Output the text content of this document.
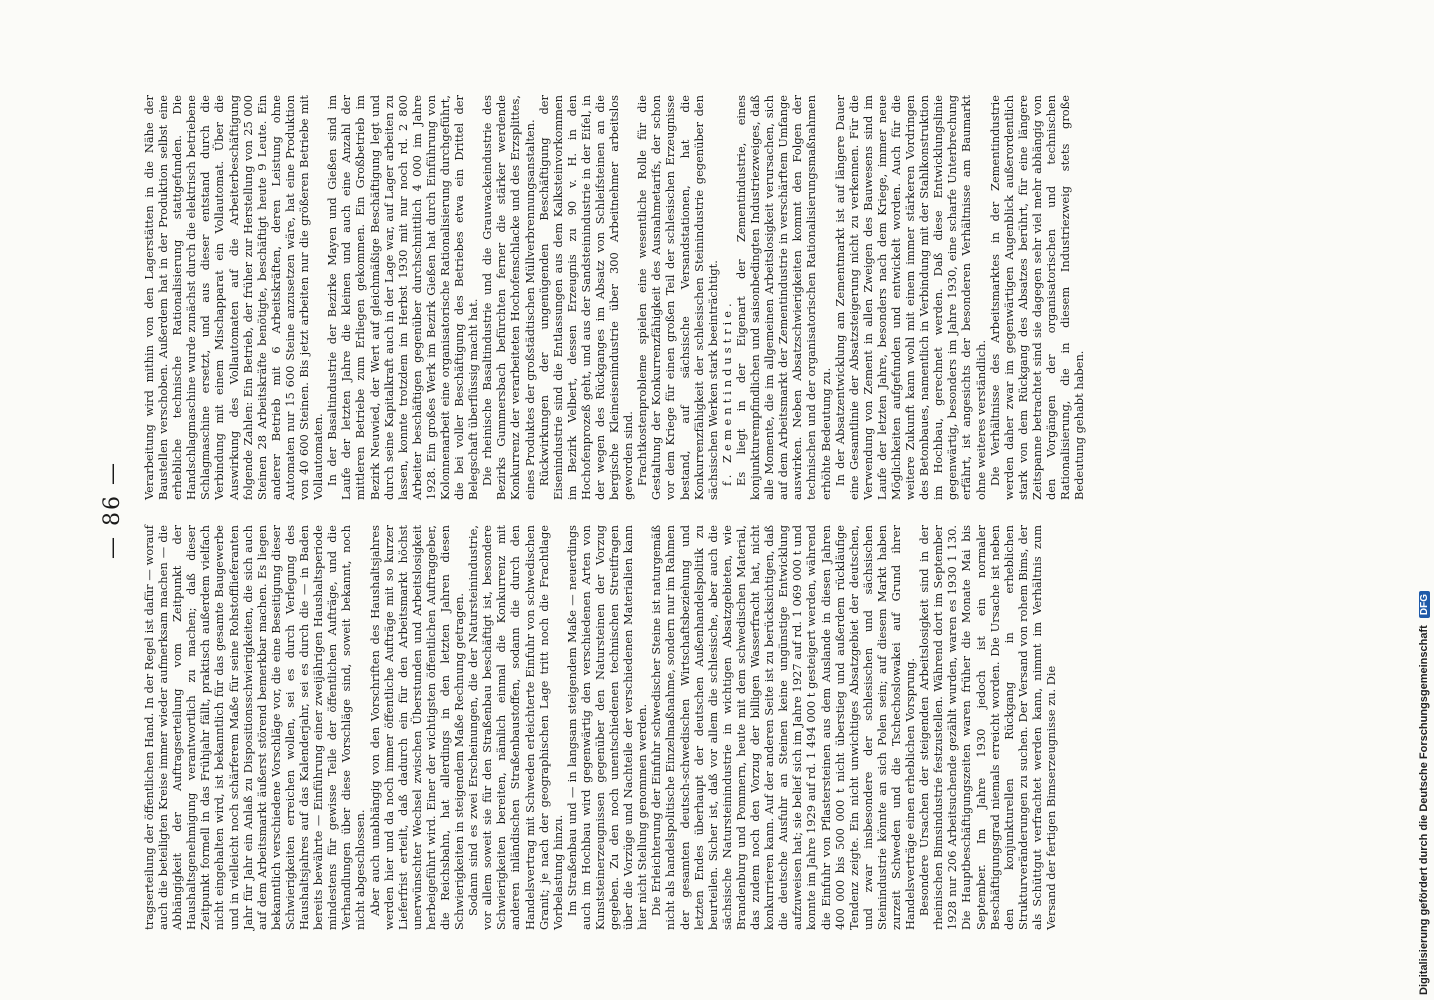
— 86 —

tragserteilung der öffentlichen Hand. In der Regel ist dafür — worauf auch die beteiligten Kreise immer wieder aufmerksam machen — die Abhängigkeit der Auftragserteilung vom Zeitpunkt der Haushaltsgenehmigung verantwortlich zu machen; daß dieser Zeitpunkt formell in das Frühjahr fällt, praktisch außerdem vielfach nicht eingehalten wird, ist bekanntlich für das gesamte Baugewerbe und in vielleicht noch schärferem Maße für seine Rohstofflieferanten Jahr für Jahr ein Anlaß zu Dispositionsschwierigkeiten, die sich auch auf dem Arbeitsmarkt äußerst störend bemerkbar machen. Es liegen bekanntlich verschiedene Vorschläge vor, die eine Beseitigung dieser Schwierigkeiten erreichen wollen, sei es durch Verlegung des Haushaltsjahres auf das Kalenderjahr, sei es durch die — in Baden bereits bewährte — Einführung einer zweijährigen Haushaltsperiode mindestens für gewisse Teile der öffentlichen Aufträge, und die Verhandlungen über diese Vorschläge sind, soweit bekannt, noch nicht abgeschlossen. Aber auch unabhängig von den Vorschriften des Haushaltsjahres werden hier und da noch immer öffentliche Aufträge mit so kurzer Lieferfrist erteilt, daß dadurch ein für den Arbeitsmarkt höchst unerwünschter Wechsel zwischen Überstunden und Arbeitslosigkeit herbeigeführt wird. Einer der wichtigsten öffentlichen Auftraggeber, die Reichsbahn, hat allerdings in den letzten Jahren diesen Schwierigkeiten in steigendem Maße Rechnung getragen. Sodann sind es zwei Erscheinungen, die der Natursteinindustrie, vor allem soweit sie für den Straßenbau beschäftigt ist, besondere Schwierigkeiten bereiten, nämlich einmal die Konkurrenz mit anderen inländischen Straßenbaustoffen, sodann die durch den Handelsvertrag mit Schweden erleichterte Einfuhr von schwedischen Granit; je nach der geographischen Lage tritt noch die Frachtlage Vorbelastung hinzu. Im Straßenbau und — in langsam steigendem Maße — neuerdings auch im Hochbau wird gegenwärtig den verschiedenen Arten von Kunststeinerzeugnissen gegenüber den Natursteinen der Vorzug gegeben. Zu den noch unentschiedenen technischen Streitfragen über die Vorzüge und Nachteile der verschiedenen Materialien kann hier nicht Stellung genommen werden. Die Erleichterung der Einfuhr schwedischer Steine ist naturgemäß nicht als handelspolitische Einzelmaßnahme, sondern nur im Rahmen der gesamten deutsch-schwedischen Wirtschaftsbeziehung und letzten Endes überhaupt der deutschen Außenhandelspolitik zu beurteilen. Sicher ist, daß vor allem die schlesische, aber auch die sächsische Natursteinindustrie in wichtigen Absatzgebieten, wie Brandenburg und Pommern, heute mit dem schwedischen Material, das zudem noch den Vorzug der billigen Wasserfracht hat, nicht konkurrieren kann. Auf der anderen Seite ist zu berücksichtigen, daß die deutsche Ausfuhr an Steinen keine ungünstige Entwicklung aufzuweisen hat; sie belief sich im Jahre 1927 auf rd. 1 069 000 t und konnte im Jahre 1929 auf rd. 1 494 000 t gesteigert werden, während die Einfuhr von Pflastersteinen aus dem Auslande in diesen Jahren 400 000 bis 500 000 t nicht überstieg und außerdem rückläufige Tendenz zeigte. Ein nicht unwichtiges Absatzgebiet der deutschen, und zwar insbesondere der schlesischen und sächsischen Steinindustrie könnte an sich Polen sein; auf diesem Markt haben zurzeit Schweden und die Tschechoslowakei auf Grund ihrer Handelsverträge einen erheblichen Vorsprung. Besondere Ursachen der steigenden Arbeitslosigkeit sind in der rheinischen Bimsindustrie festzustellen. Während dort im September 1928 nur 206 Arbeitsuchende gezählt wurden, waren es 1930 1 130. Die Hauptbeschäftigungszeiten waren früher die Monate Mai bis September. Im Jahre 1930 jedoch ist ein normaler Beschäftigungsgrad niemals erreicht worden. Die Ursache ist neben den konjunkturellen Rückgang in erheblichen Strukturveränderungen zu suchen. Der Versand von rohem Bims, der als Schüttgut verfrachtet werden kann, nimmt im Verhältnis zum Versand der fertigen Bimserzeugnisse zu. Die

Verarbeitung wird mithin von den Lagerstätten in die Nähe der Baustellen verschoben. Außerdem hat in der Produktion selbst eine erhebliche technische Rationalisierung stattgefunden. Die Handschlagmaschine wurde zunächst durch die elektrisch betriebene Schlagmaschine ersetzt, und aus dieser entstand durch die Verbindung mit einem Mischapparat ein Vollautomat. Über die Auswirkung des Vollautomaten auf die Arbeiterbeschäftigung folgende Zahlen: Ein Betrieb, der früher zur Herstellung von 25 000 Steinen 28 Arbeitskräfte benötigte, beschäftigt heute 9 Leute. Ein anderer Betrieb mit 6 Arbeitskräften, deren Leistung ohne Automaten nur 15 600 Steine anzusetzen wäre, hat eine Produktion von 40 600 Steinen. Bis jetzt arbeiten nur die größeren Betriebe mit Vollautomaten. In der Basaltindustrie der Bezirke Mayen und Gießen sind im Laufe der letzten Jahre die kleinen und auch eine Anzahl der mittleren Betriebe zum Erliegen gekommen. Ein Großbetrieb im Bezirk Neuwied, der Wert auf gleichmäßige Beschäftigung legt und durch seine Kapitalkraft auch in der Lage war, auf Lager arbeiten zu lassen, konnte trotzdem im Herbst 1930 mit nur noch rd. 2 800 Arbeiter beschäftigen gegenüber durchschnittlich 4 000 im Jahre 1928. Ein großes Werk im Bezirk Gießen hat durch Einführung von Kolonnenarbeit eine organisatorische Rationalisierung durchgeführt, die bei voller Beschäftigung des Betriebes etwa ein Drittel der Belegschaft überflüssig macht hat. Die rheinische Basaltindustrie und die Grauwackeindustrie des Bezirks Gummersbach befürchten ferner die stärker werdende Konkurrenz der verarbeiteten Hochofenschlacke und des Erzsplittes, eines Produktes der großstädtischen Müllverbrennungsanstalten. Rückwirkungen der ungenügenden Beschäftigung der Eisenindustrie sind die Entlassungen aus dem Kalksteinvorkommen im Bezirk Velbert, dessen Erzeugnis zu 90 v. H. in den Hochofenprozeß geht, und aus der Sandsteinindustrie in der Eifel, in der wegen des Rückganges im Absatz von Schleifsteinen an die bergische Kleineisenindustrie über 300 Arbeitnehmer arbeitslos geworden sind. Frachtkostenprobleme spielen eine wesentliche Rolle für die Gestaltung der Konkurrenzfähigkeit des Ausnahmetarifs, der schon vor dem Kriege für einen großen Teil der schlesischen Erzeugnisse bestand, auf sächsische Versandstationen, hat die Konkurrenzfähigkeit der schlesischen Steinindustrie gegenüber den sächsischen Werken stark beeinträchtigt. f. Zementindustrie. Es liegt in der Eigenart der Zementindustrie, eines konjunkturempfindlichen und saisonbedingten Industriezweiges, daß alle Momente, die im allgemeinen Arbeitslosigkeit verursachen, sich auf dem Arbeitsmarkt der Zementindustrie in verschärftem Umfange auswirken. Neben Absatzschwierigkeiten kommt den Folgen der technischen und der organisatorischen Rationalisierungsmaßnahmen erhöhte Bedeutung zu. In der Absatzentwicklung am Zementmarkt ist auf längere Dauer eine Gesamtlinie der Absatzsteigerung nicht zu verkennen. Für die Verwendung von Zement in allen Zweigen des Bauwesens sind im Laufe der letzten Jahre, besonders nach dem Kriege, immer neue Möglichkeiten aufgefunden und entwickelt worden. Auch für die weitere Zukunft kann wohl mit einem immer stärkeren Vordringen des Betonbaues, namentlich in Verbindung mit der Stahlkonstruktion im Hochbau, gerechnet werden. Daß diese Entwicklungslinie gegenwärtig, besonders im Jahre 1930, eine scharfe Unterbrechung erfährt, ist angesichts der besonderen Verhältnisse am Baumarkt ohne weiteres verständlich. Die Verhältnisse des Arbeitsmarktes in der Zementindustrie werden daher zwar im gegenwärtigen Augenblick außerordentlich stark von dem Rückgang des Absatzes berührt, für eine längere Zeitspanne betrachtet sind sie dagegen sehr viel mehr abhängig von den Vorgängen der organisatorischen und technischen Rationalisierung, die in diesem Industriezweig stets große Bedeutung gehabt haben.

Digitalisierung gefördert durch die Deutsche Forschungsgemeinschaft DFG
